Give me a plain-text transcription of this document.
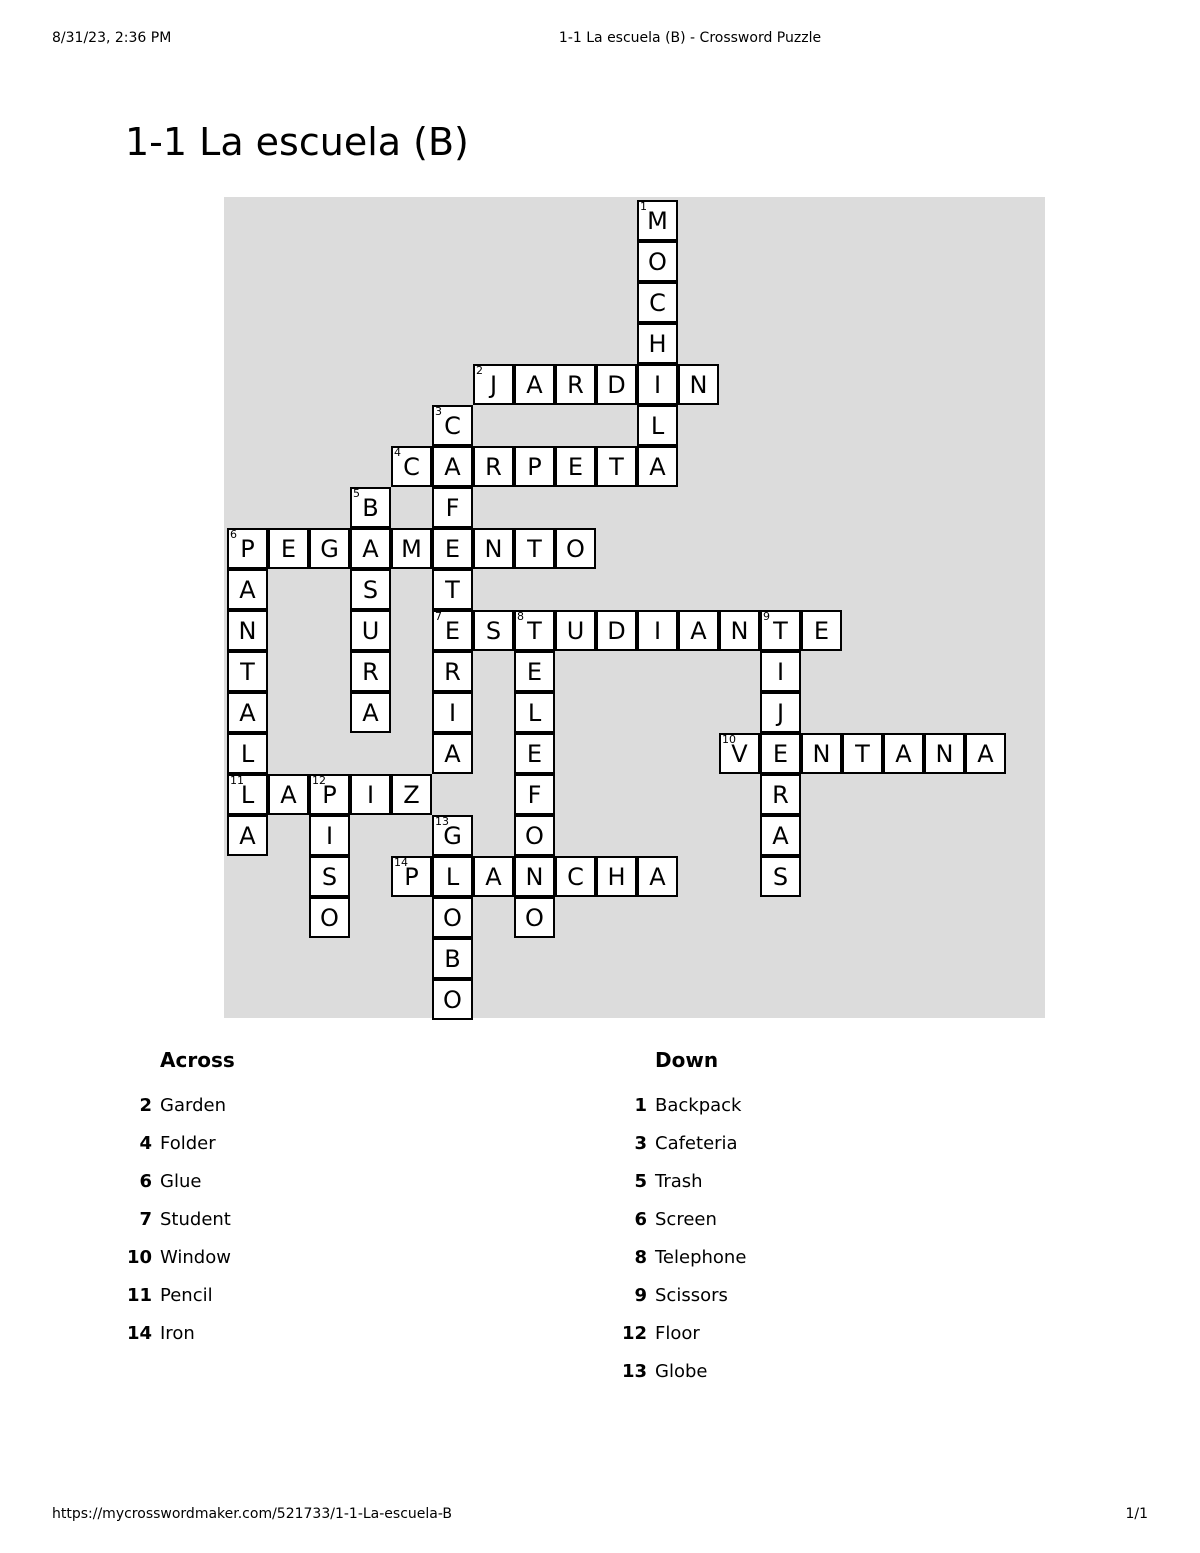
8/31/23, 2:36 PM	1-1 La escuela (B) - Crossword Puzzle
1-1 La escuela (B)
1 M
O
C
H
I
L
A
2 J A R D	N
3 C
A
F
E
T
7 E
R
I
A
4 C	R P E T
5 B
A
S
U
R
A
6 P E G	M	N T O
A
N
T
A
L
11
L
A
S 8 T U D I A N 9 T E
E
L
E
F
O
N
O
I
J
E
R
A
S
10
V	N T A N A
A 12
P I Z
I
S
O
13
G
L
O
B
O
14
P	A	C H A
Across
2 Garden
4 Folder
6 Glue
7 Student
10 Window
11 Pencil
14 Iron
Down
1 Backpack
3 Cafeteria
5 Trash
6 Screen
8 Telephone
9 Scissors
12 Floor
13 Globe
https://mycrosswordmaker.com/521733/1-1-La-escuela-B	1/1
